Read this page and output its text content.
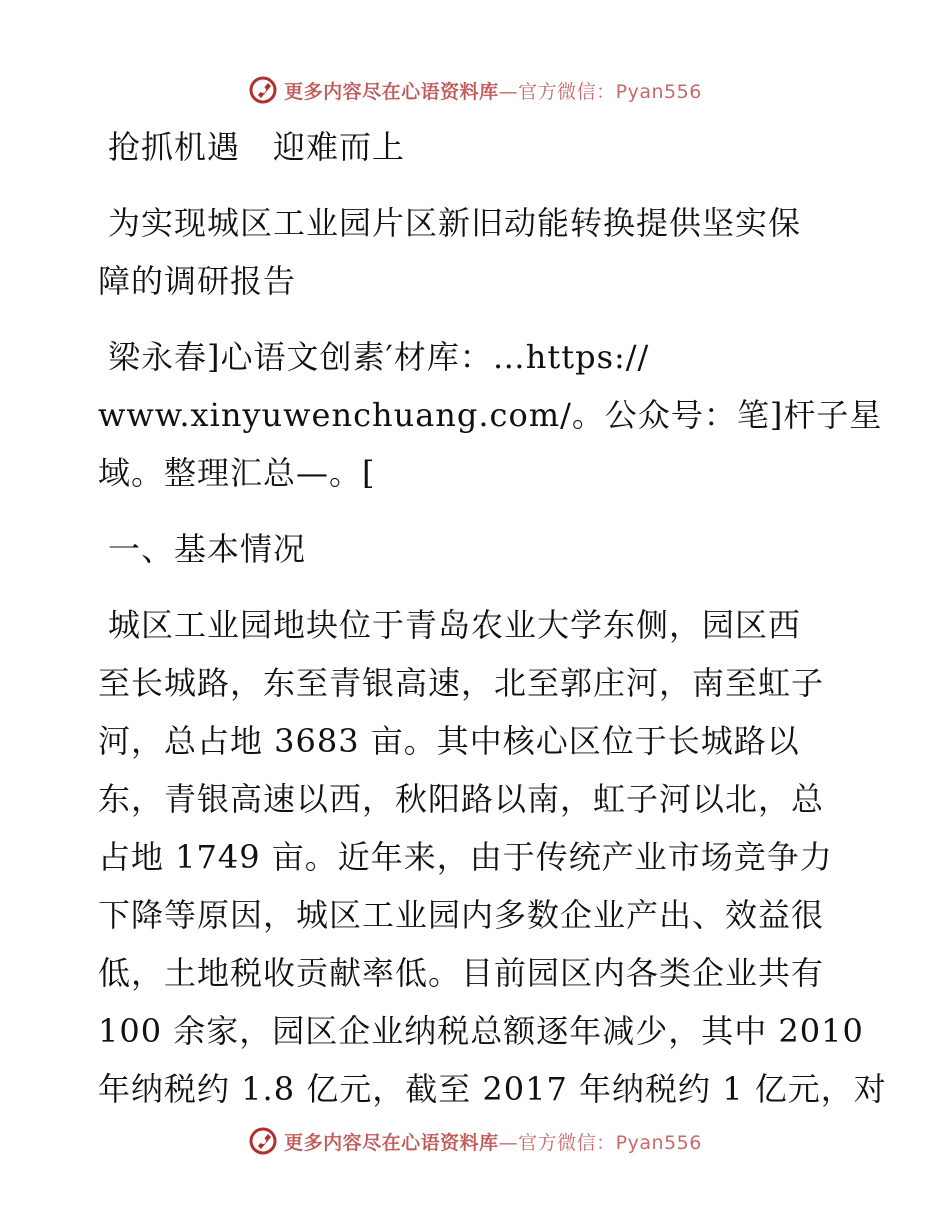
更多内容尽在心语资料库—官方微信：Pyan556
抢抓机遇　迎难而上
为实现城区工业园片区新旧动能转换提供坚实保
障的调研报告
梁永春]心语文创素′材库：…https://
www.xinyuwenchuang.com/。公众号：笔]杆子星
域。整理汇总—。[
一、基本情况
城区工业园地块位于青岛农业大学东侧，园区西
至长城路，东至青银高速，北至郭庄河，南至虹子
河，总占地 3683 亩。其中核心区位于长城路以
东，青银高速以西，秋阳路以南，虹子河以北，总
占地 1749 亩。近年来，由于传统产业市场竞争力
下降等原因，城区工业园内多数企业产出、效益很
低，土地税收贡献率低。目前园区内各类企业共有
100 余家，园区企业纳税总额逐年减少，其中 2010
年纳税约 1.8 亿元，截至 2017 年纳税约 1 亿元，对
更多内容尽在心语资料库—官方微信：Pyan556
